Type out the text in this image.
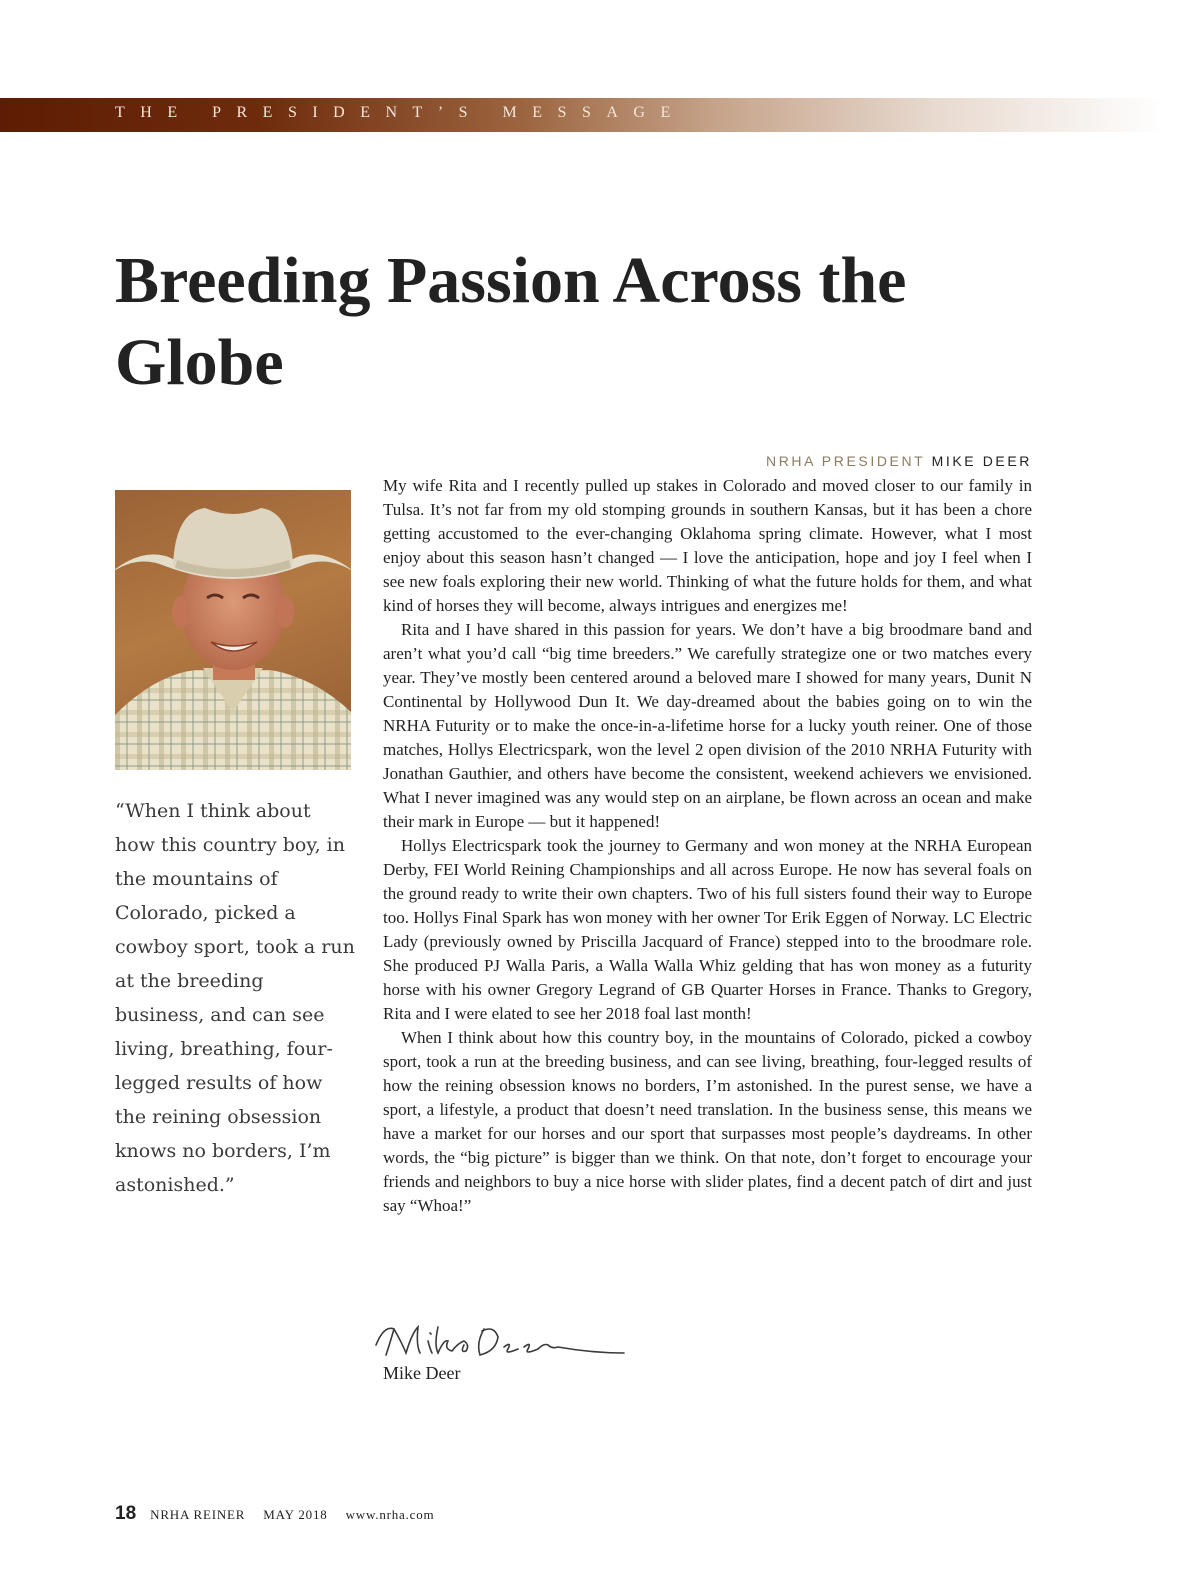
THE PRESIDENT’S MESSAGE
Breeding Passion Across the Globe
NRHA PRESIDENT MIKE DEER

“When I think about how this country boy, in the mountains of Colorado, picked a cowboy sport, took a run at the breeding business, and can see living, breathing, four-legged results of how the reining obsession knows no borders, I’m astonished.”

My wife Rita and I recently pulled up stakes in Colorado and moved closer to our family in Tulsa. It’s not far from my old stomping grounds in southern Kansas, but it has been a chore getting accustomed to the ever-changing Oklahoma spring climate. However, what I most enjoy about this season hasn’t changed — I love the anticipation, hope and joy I feel when I see new foals exploring their new world. Thinking of what the future holds for them, and what kind of horses they will become, always intrigues and energizes me!

Rita and I have shared in this passion for years. We don’t have a big broodmare band and aren’t what you’d call “big time breeders.” We carefully strategize one or two matches every year. They’ve mostly been centered around a beloved mare I showed for many years, Dunit N Continental by Hollywood Dun It. We day-dreamed about the babies going on to win the NRHA Futurity or to make the once-in-a-lifetime horse for a lucky youth reiner. One of those matches, Hollys Electricspark, won the level 2 open division of the 2010 NRHA Futurity with Jonathan Gauthier, and others have become the consistent, weekend achievers we envisioned. What I never imagined was any would step on an airplane, be flown across an ocean and make their mark in Europe — but it happened!

Hollys Electricspark took the journey to Germany and won money at the NRHA European Derby, FEI World Reining Championships and all across Europe. He now has several foals on the ground ready to write their own chapters. Two of his full sisters found their way to Europe too. Hollys Final Spark has won money with her owner Tor Erik Eggen of Norway. LC Electric Lady (previously owned by Priscilla Jacquard of France) stepped into to the broodmare role. She produced PJ Walla Paris, a Walla Walla Whiz gelding that has won money as a futurity horse with his owner Gregory Legrand of GB Quarter Horses in France. Thanks to Gregory, Rita and I were elated to see her 2018 foal last month!

When I think about how this country boy, in the mountains of Colorado, picked a cowboy sport, took a run at the breeding business, and can see living, breathing, four-legged results of how the reining obsession knows no borders, I’m astonished. In the purest sense, we have a sport, a lifestyle, a product that doesn’t need translation. In the business sense, this means we have a market for our horses and our sport that surpasses most people’s daydreams. In other words, the “big picture” is bigger than we think. On that note, don’t forget to encourage your friends and neighbors to buy a nice horse with slider plates, find a decent patch of dirt and just say “Whoa!”

Mike Deer
18 NRHA REINER MAY 2018 www.nrha.com
